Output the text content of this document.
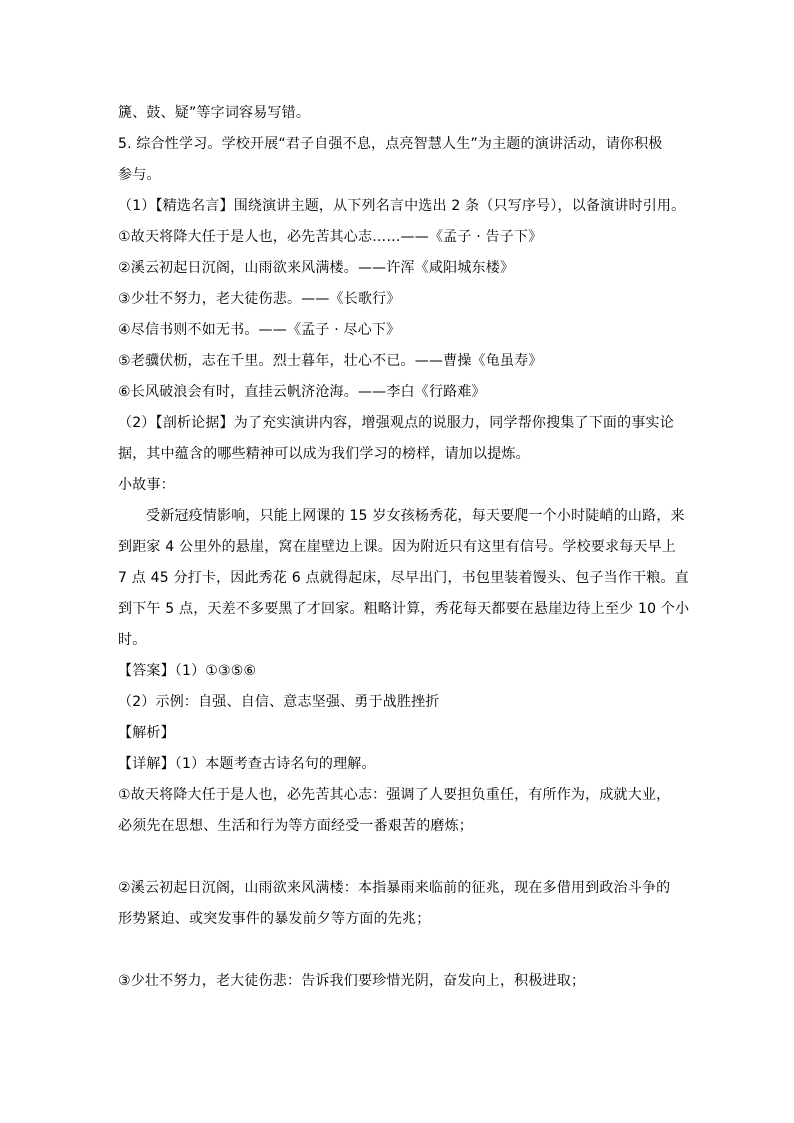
篪、鼓、疑”等字词容易写错。
5. 综合性学习。学校开展“君子自强不息，点亮智慧人生”为主题的演讲活动，请你积极
参与。
（1）【精选名言】围绕演讲主题，从下列名言中选出 2 条（只写序号），以备演讲时引用。
①故天将降大任于是人也，必先苦其心志……——《孟子 · 告子下》
②溪云初起日沉阁，山雨欲来风满楼。——许浑《咸阳城东楼》
③少壮不努力，老大徒伤悲。——《长歌行》
④尽信书则不如无书。——《孟子 · 尽心下》
⑤老骥伏枥，志在千里。烈士暮年，壮心不已。——曹操《龟虽寿》
⑥长风破浪会有时，直挂云帆济沧海。——李白《行路难》
（2）【剖析论据】为了充实演讲内容，增强观点的说服力，同学帮你搜集了下面的事实论
据，其中蕴含的哪些精神可以成为我们学习的榜样，请加以提炼。
小故事：
受新冠疫情影响，只能上网课的 15 岁女孩杨秀花，每天要爬一个小时陡峭的山路，来
到距家 4 公里外的悬崖，窝在崖壁边上课。因为附近只有这里有信号。学校要求每天早上
7 点 45 分打卡，因此秀花 6 点就得起床，尽早出门，书包里装着馒头、包子当作干粮。直
到下午 5 点，天差不多要黑了才回家。粗略计算，秀花每天都要在悬崖边待上至少 10 个小
时。
【答案】（1）①③⑤⑥
（2）示例：自强、自信、意志坚强、勇于战胜挫折
【解析】
【详解】（1）本题考查古诗名句的理解。
①故天将降大任于是人也，必先苦其心志：强调了人要担负重任，有所作为，成就大业，
必须先在思想、生活和行为等方面经受一番艰苦的磨炼；
②溪云初起日沉阁，山雨欲来风满楼：本指暴雨来临前的征兆，现在多借用到政治斗争的
形势紧迫、或突发事件的暴发前夕等方面的先兆；
③少壮不努力，老大徒伤悲：告诉我们要珍惜光阴，奋发向上，积极进取；
